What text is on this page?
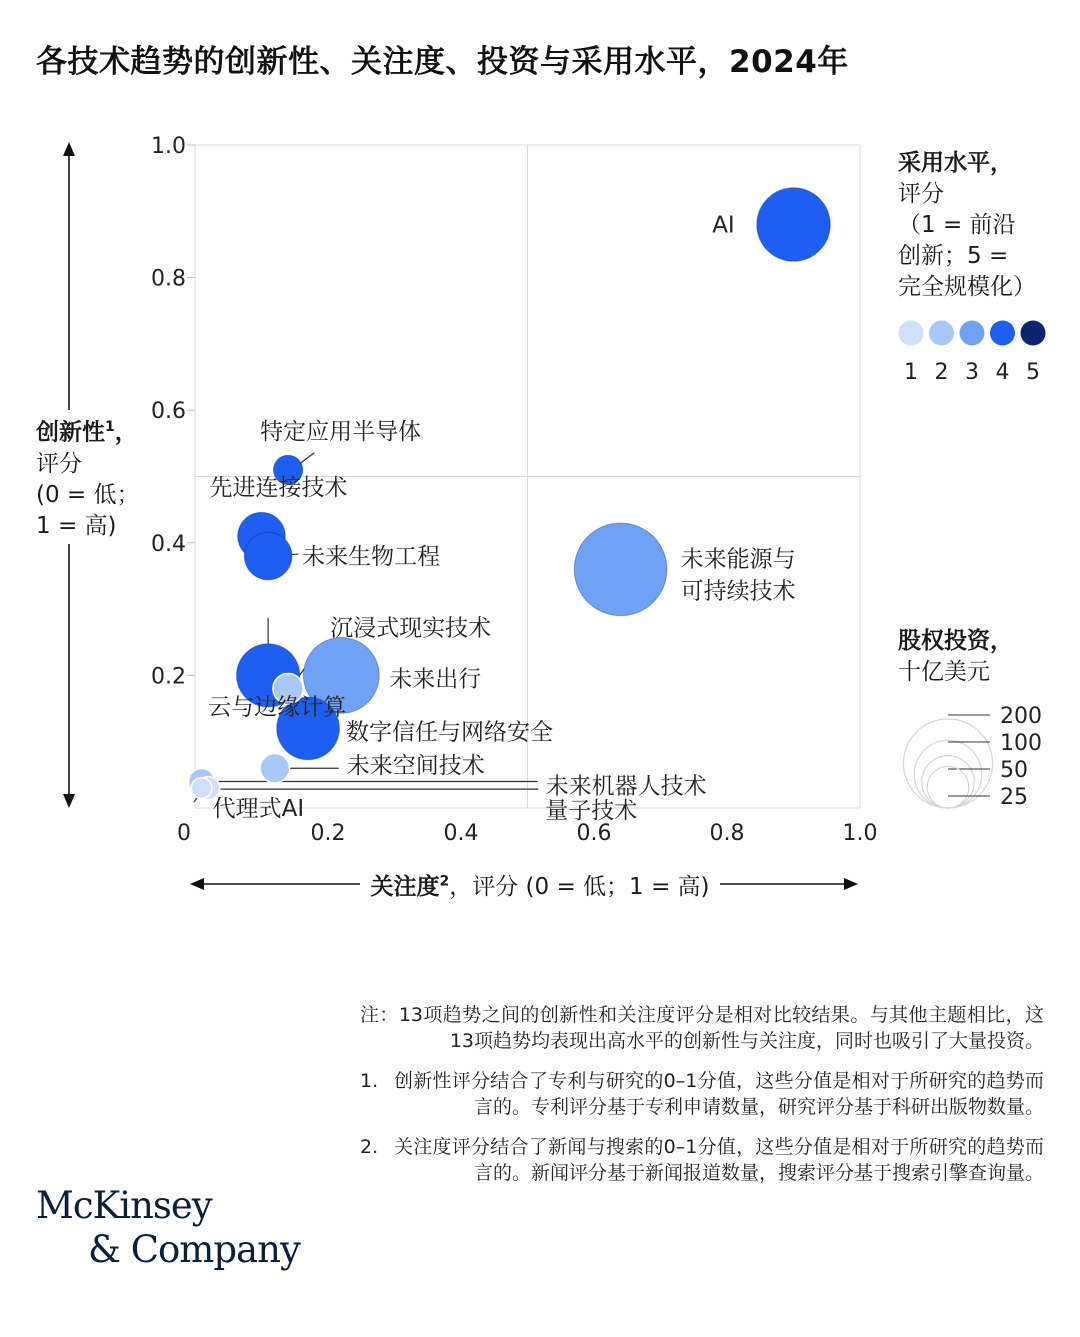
各技术趋势的创新性、关注度、投资与采用水平，2024年
0	0.2	0.4	0.6	0.8	1.0
0.2
0.4
0.6
0.8
1.0
AI
特定应用半导体
先进连接技术
未来生物工程	未来能源与可持续技术
云与边缘计算
沉浸式现实技术
未来出行
数字信任与网络安全
未来空间技术
未来机器人技术
量子技术
代理式AI
1 2 3 4 5
200
100
50
25
创新性$^1$，
评分
(0 = 低；
1 = 高)
关注度$^2$，评分 (0 = 低；1 = 高)
采用水平，
评分
（1 = 前沿
创新；5 =
完全规模化）
股权投资，
十亿美元

注：13项趋势之间的创新性和关注度评分是相对比较结果。与其他主题相比，这13项趋势均表现出高水平的创新性与关注度，同时也吸引了大量投资。

1. 创新性评分结合了专利与研究的0–1分值，这些分值是相对于所研究的趋势而言的。专利评分基于专利申请数量，研究评分基于科研出版物数量。
2. 关注度评分结合了新闻与搜索的0–1分值，这些分值是相对于所研究的趋势而言的。新闻评分基于新闻报道数量，搜索评分基于搜索引擎查询量。
McKinsey
& Company
